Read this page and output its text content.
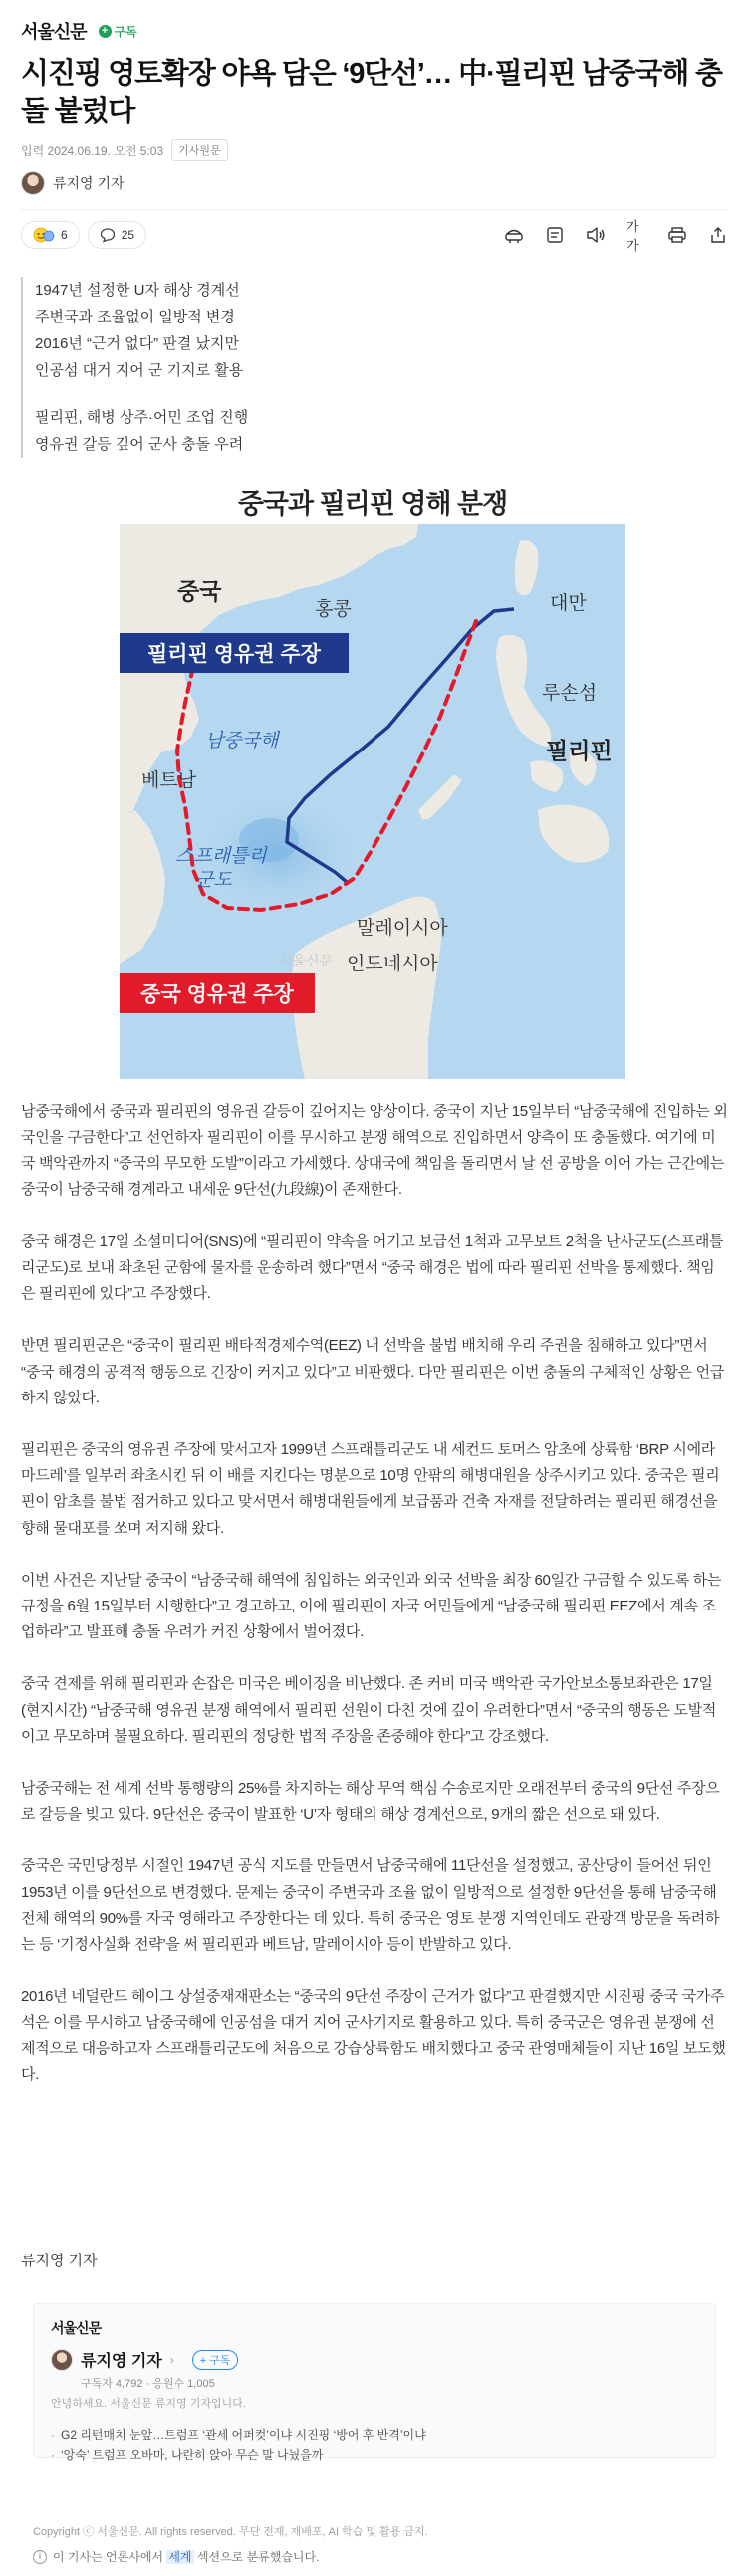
서울신문 + 구독
시진핑 영토확장 야욕 담은 ‘9단선’… 中·필리핀 남중국해 충돌 붙렀다
입력 2024.06.19. 오전 5:03	기사원문
류지영 기자
6	25
가가

1947년 설정한 U자 해상 경계선

주변국과 조율없이 일방적 변경

2016년 “근거 없다” 판결 났지만

인공섬 대거 지어 군 기지로 활용

필리핀, 해병 상주·어민 조업 진행

영유권 갈등 깊어 군사 충돌 우려

중국과 필리핀 영해 분쟁
중국
홍콩	대만
루손섬
필리핀
남중국해
베트남
스프래틀리
군도
말레이시아
인도네시아
서울신문
필리핀 영유권 주장
중국 영유권 주장

남중국해에서 중국과 필리핀의 영유권 갈등이 깊어지는 양상이다. 중국이 지난 15일부터 “남중국해에 진입하는 외국인을 구금한다”고 선언하자 필리핀이 이를 무시하고 분쟁 해역으로 진입하면서 양측이 또 충돌했다. 여기에 미국 백악관까지 “중국의 무모한 도발”이라고 가세했다. 상대국에 책임을 돌리면서 날 선 공방을 이어 가는 근간에는 중국이 남중국해 경계라고 내세운 9단선(九段線)이 존재한다.

중국 해경은 17일 소셜미디어(SNS)에 “필리핀이 약속을 어기고 보급선 1척과 고무보트 2척을 난사군도(스프래틀리군도)로 보내 좌초된 군함에 물자를 운송하려 했다”면서 “중국 해경은 법에 따라 필리핀 선박을 통제했다. 책임은 필리핀에 있다”고 주장했다.

반면 필리핀군은 “중국이 필리핀 배타적경제수역(EEZ) 내 선박을 불법 배치해 우리 주권을 침해하고 있다”면서 “중국 해경의 공격적 행동으로 긴장이 커지고 있다”고 비판했다. 다만 필리핀은 이번 충돌의 구체적인 상황은 언급하지 않았다.

필리핀은 중국의 영유권 주장에 맞서고자 1999년 스프래틀리군도 내 세컨드 토머스 암초에 상륙함 ‘BRP 시에라 마드레’를 일부러 좌초시킨 뒤 이 배를 지킨다는 명분으로 10명 안팎의 해병대원을 상주시키고 있다. 중국은 필리핀이 암초를 불법 점거하고 있다고 맞서면서 해병대원들에게 보급품과 건축 자재를 전달하려는 필리핀 해경선을 향해 물대포를 쏘며 저지해 왔다.

이번 사건은 지난달 중국이 “남중국해 해역에 침입하는 외국인과 외국 선박을 최장 60일간 구금할 수 있도록 하는 규정을 6월 15일부터 시행한다”고 경고하고, 이에 필리핀이 자국 어민들에게 “남중국해 필리핀 EEZ에서 계속 조업하라”고 발표해 충돌 우려가 커진 상황에서 벌어졌다.

중국 견제를 위해 필리핀과 손잡은 미국은 베이징을 비난했다. 존 커비 미국 백악관 국가안보소통보좌관은 17일(현지시간) “남중국해 영유권 분쟁 해역에서 필리핀 선원이 다친 것에 깊이 우려한다”면서 “중국의 행동은 도발적이고 무모하며 불필요하다. 필리핀의 정당한 법적 주장을 존중해야 한다”고 강조했다.

남중국해는 전 세계 선박 통행량의 25%를 차지하는 해상 무역 핵심 수송로지만 오래전부터 중국의 9단선 주장으로 갈등을 빚고 있다. 9단선은 중국이 발표한 ‘U’자 형태의 해상 경계선으로, 9개의 짧은 선으로 돼 있다.

중국은 국민당정부 시절인 1947년 공식 지도를 만들면서 남중국해에 11단선을 설정했고, 공산당이 들어선 뒤인 1953년 이를 9단선으로 변경했다. 문제는 중국이 주변국과 조율 없이 일방적으로 설정한 9단선을 통해 남중국해 전체 해역의 90%를 자국 영해라고 주장한다는 데 있다. 특히 중국은 영토 분쟁 지역인데도 관광객 방문을 독려하는 등 ‘기정사실화 전략’을 써 필리핀과 베트남, 말레이시아 등이 반발하고 있다.

2016년 네덜란드 헤이그 상설중재재판소는 “중국의 9단선 주장이 근거가 없다”고 판결했지만 시진핑 중국 국가주석은 이를 무시하고 남중국해에 인공섬을 대거 지어 군사기지로 활용하고 있다. 특히 중국군은 영유권 분쟁에 선제적으로 대응하고자 스프래틀리군도에 처음으로 강습상륙함도 배치했다고 중국 관영매체들이 지난 16일 보도했다.

류지영 기자
서울신문
류지영 기자 ›	+ 구독
구독자 4,792 · 응원수 1,005
안녕하세요. 서울신문 류지영 기자입니다.
· G2 리턴매치 눈앞…트럼프 ‘관세 어퍼컷’이냐 시진핑 ‘방어 후 반격’이냐
· ‘앙숙’ 트럼프 오바마, 나란히 앉아 무슨 말 나눴을까
Copyright ⓒ 서울신문. All rights reserved. 무단 전재, 재배포, AI 학습 및 활용 금지.
i 이 기사는 언론사에서 세계 섹션으로 분류했습니다.
